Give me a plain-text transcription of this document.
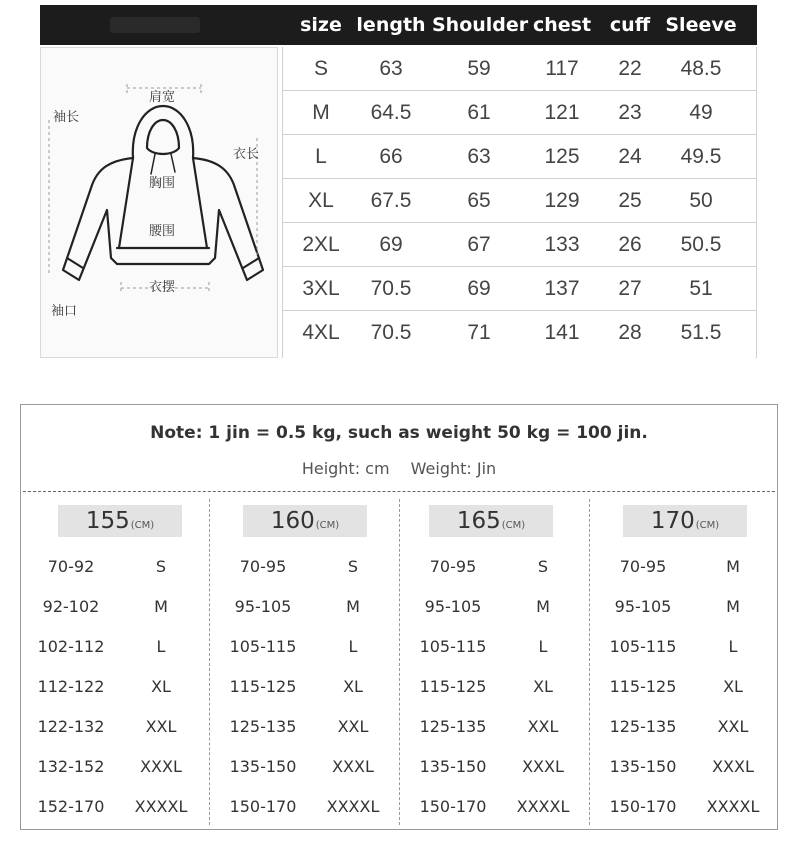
size length Shoulder chest cuff Sleeve
肩宽
袖长
衣长
胸围
腰围
衣摆
袖口
S	63	59	117	22	48.5
M	64.5	61	121	23	49
L	66	63	125	24	49.5
XL	67.5	65	129	25	50
2XL	69	67	133	26	50.5
3XL	70.5	69	137	27	51
4XL	70.5	71	141	28	51.5
Note: 1 jin = 0.5 kg, such as weight 50 kg = 100 jin.
Height: cm Weight: Jin
155(CM)
70-92	S
92-102	M
102-112	L
112-122	XL
122-132	XXL
132-152	XXXL
152-170	XXXXL
160(CM)
70-95	S
95-105	M
105-115	L
115-125	XL
125-135	XXL
135-150	XXXL
150-170	XXXXL
165(CM)
70-95	S
95-105	M
105-115	L
115-125	XL
125-135	XXL
135-150	XXXL
150-170	XXXXL
170(CM)
70-95	M
95-105	M
105-115	L
115-125	XL
125-135	XXL
135-150	XXXL
150-170	XXXXL
